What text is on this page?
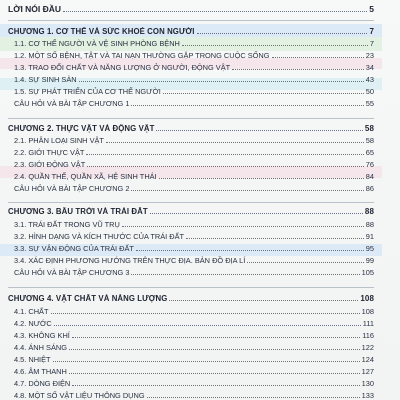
LỜI NÓI ĐẦU	5
CHƯƠNG 1. CƠ THỂ VÀ SỨC KHOẺ CON NGƯỜI	7
1.1. CƠ THỂ NGƯỜI VÀ VỆ SINH PHÒNG BỆNH	7
1.2. MỘT SỐ BỆNH, TẬT VÀ TAI NẠN THƯỜNG GẶP TRONG CUỘC SỐNG	23
1.3. TRAO ĐỔI CHẤT VÀ NĂNG LƯỢNG Ở NGƯỜI, ĐỘNG VẬT	34
1.4. SỰ SINH SẢN	43
1.5. SỰ PHÁT TRIỂN CỦA CƠ THỂ NGƯỜI	50
CÂU HỎI VÀ BÀI TẬP CHƯƠNG 1	55
CHƯƠNG 2. THỰC VẬT VÀ ĐỘNG VẬT	58
2.1. PHÂN LOẠI SINH VẬT	58
2.2. GIỚI THỰC VẬT	65
2.3. GIỚI ĐỘNG VẬT	76
2.4. QUẦN THỂ, QUẦN XÃ, HỆ SINH THÁI	84
CÂU HỎI VÀ BÀI TẬP CHƯƠNG 2	86
CHƯƠNG 3. BẦU TRỜI VÀ TRÁI ĐẤT	88
3.1. TRÁI ĐẤT TRONG VŨ TRỤ	88
3.2. HÌNH DẠNG VÀ KÍCH THƯỚC CỦA TRÁI ĐẤT	91
3.3. SỰ VẬN ĐỘNG CỦA TRÁI ĐẤT	95
3.4. XÁC ĐỊNH PHƯƠNG HƯỚNG TRÊN THỰC ĐỊA. BẢN ĐỒ ĐỊA LÍ	99
CÂU HỎI VÀ BÀI TẬP CHƯƠNG 3	105
CHƯƠNG 4. VẬT CHẤT VÀ NĂNG LƯỢNG	108
4.1. CHẤT	108
4.2. NƯỚC	111
4.3. KHÔNG KHÍ	116
4.4. ÁNH SÁNG	122
4.5. NHIỆT	124
4.6. ÂM THANH	127
4.7. DÒNG ĐIỆN	130
4.8. MỘT SỐ VẬT LIỆU THÔNG DỤNG	133
